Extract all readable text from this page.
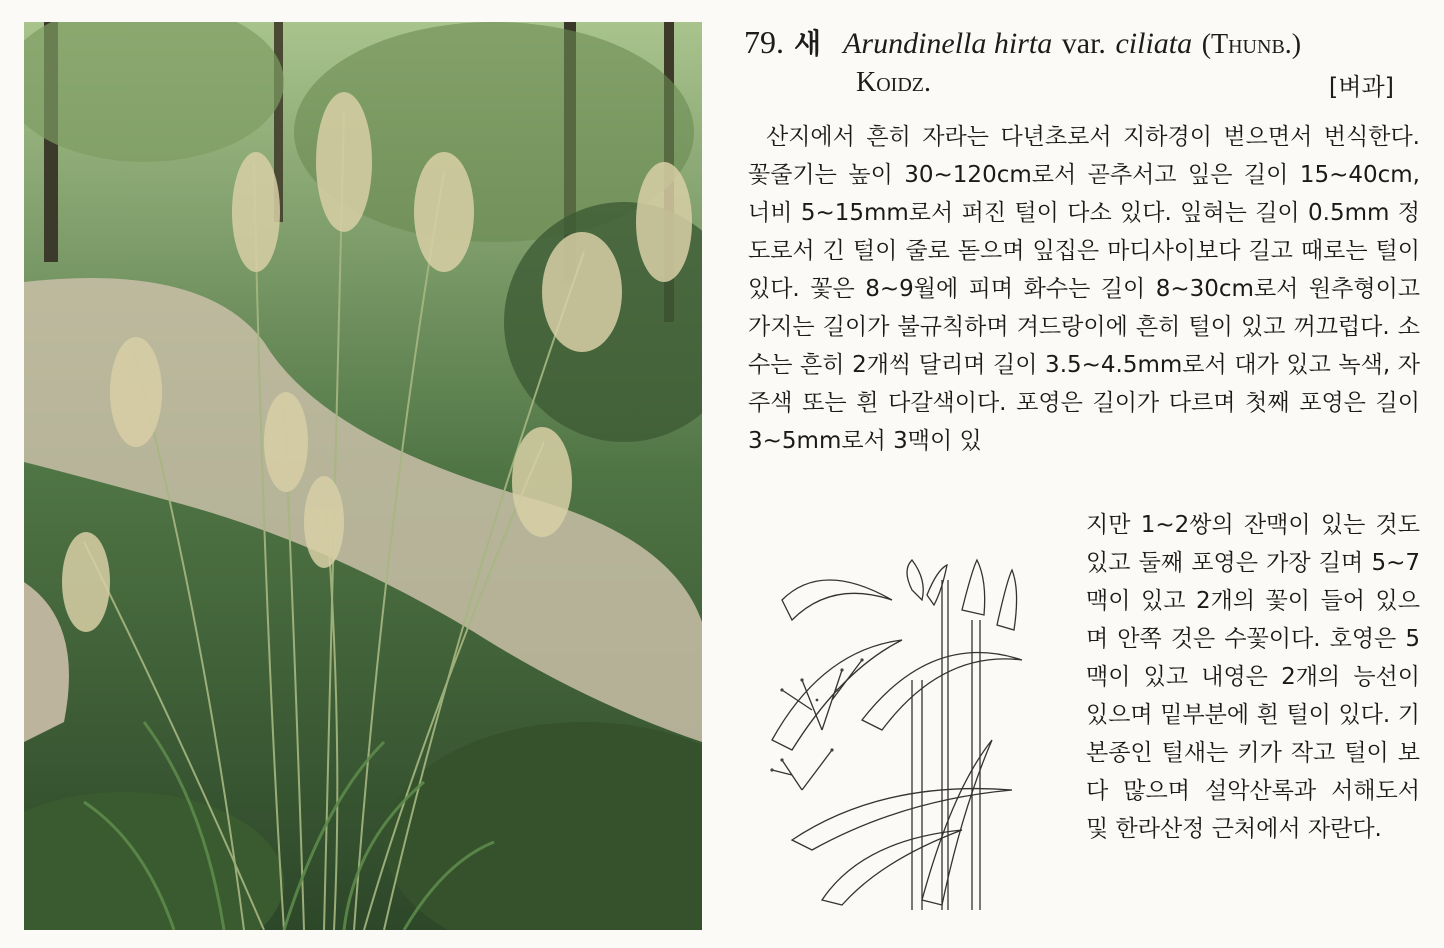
79. 새 Arundinella hirta var. ciliata (Thunb.)
Koidz.	[벼과]
산지에서 흔히 자라는 다년초로서 지하경이 벋으면서 번식한다. 꽃줄기는 높이 30~120cm로서 곧추서고 잎은 길이 15~40cm, 너비 5~15mm로서 퍼진 털이 다소 있다. 잎혀는 길이 0.5mm 정도로서 긴 털이 줄로 돋으며 잎집은 마디사이보다 길고 때로는 털이 있다. 꽃은 8~9월에 피며 화수는 길이 8~30cm로서 원추형이고 가지는 길이가 불규칙하며 겨드랑이에 흔히 털이 있고 꺼끄럽다. 소수는 흔히 2개씩 달리며 길이 3.5~4.5mm로서 대가 있고 녹색, 자주색 또는 흰 다갈색이다. 포영은 길이가 다르며 첫째 포영은 길이 3~5mm로서 3맥이 있
지만 1~2쌍의 잔맥이 있는 것도 있고 둘째 포영은 가장 길며 5~7맥이 있고 2개의 꽃이 들어 있으며 안쪽 것은 수꽃이다. 호영은 5맥이 있고 내영은 2개의 능선이 있으며 밑부분에 흰 털이 있다. 기본종인 털새는 키가 작고 털이 보다 많으며 설악산록과 서해도서 및 한라산정 근처에서 자란다.
